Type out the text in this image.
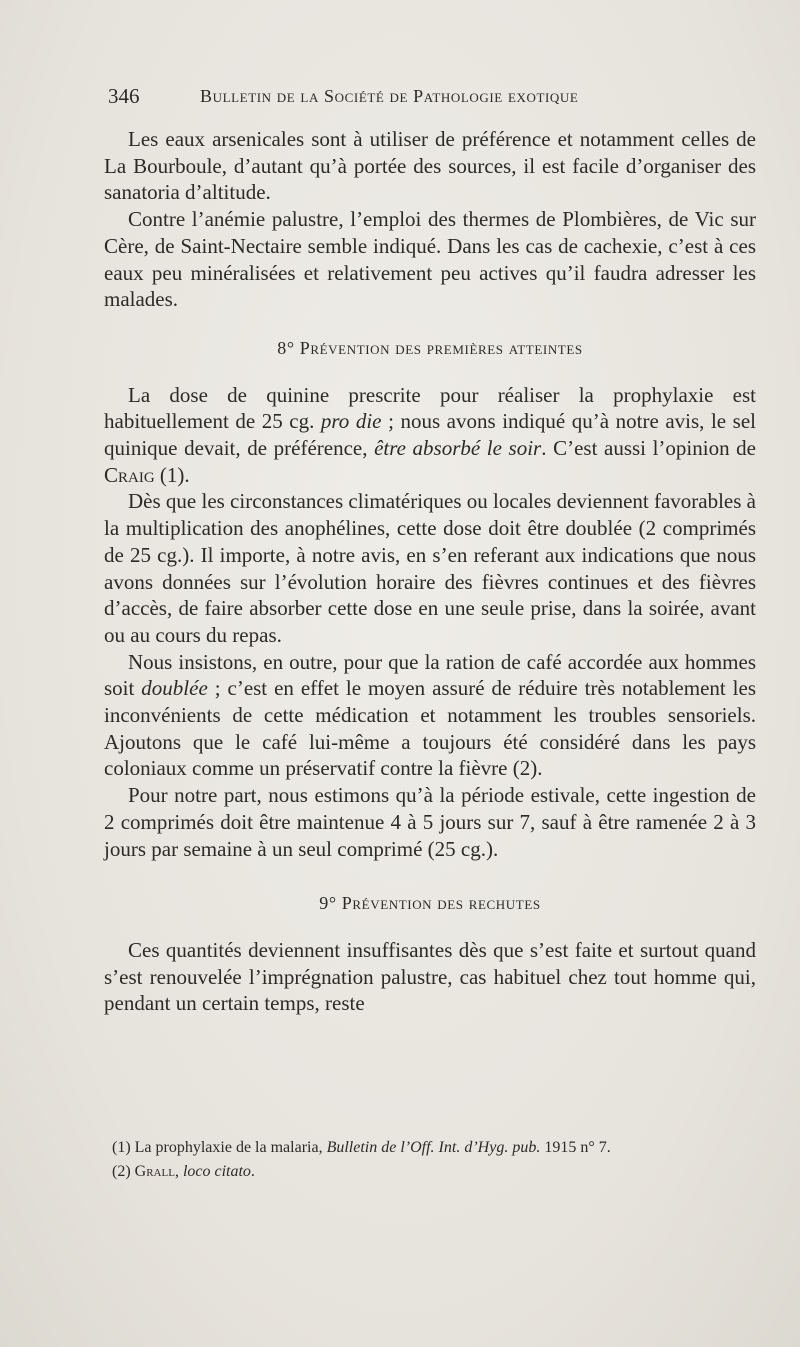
346	Bulletin de la Société de Pathologie exotique

Les eaux arsenicales sont à utiliser de préférence et notamment celles de La Bourboule, d’autant qu’à portée des sources, il est facile d’organiser des sanatoria d’altitude.

Contre l’anémie palustre, l’emploi des thermes de Plombières, de Vic sur Cère, de Saint-Nectaire semble indiqué. Dans les cas de cachexie, c’est à ces eaux peu minéralisées et relativement peu actives qu’il faudra adresser les malades.

8° Prévention des premières atteintes

La dose de quinine prescrite pour réaliser la prophylaxie est habituellement de 25 cg. pro die ; nous avons indiqué qu’à notre avis, le sel quinique devait, de préférence, être absorbé le soir. C’est aussi l’opinion de Craig (1).

Dès que les circonstances climatériques ou locales deviennent favorables à la multiplication des anophélines, cette dose doit être doublée (2 comprimés de 25 cg.). Il importe, à notre avis, en s’en referant aux indications que nous avons données sur l’évolution horaire des fièvres continues et des fièvres d’accès, de faire absorber cette dose en une seule prise, dans la soirée, avant ou au cours du repas.

Nous insistons, en outre, pour que la ration de café accordée aux hommes soit doublée ; c’est en effet le moyen assuré de réduire très notablement les inconvénients de cette médication et notamment les troubles sensoriels. Ajoutons que le café lui-même a toujours été considéré dans les pays coloniaux comme un préservatif contre la fièvre (2).

Pour notre part, nous estimons qu’à la période estivale, cette ingestion de 2 comprimés doit être maintenue 4 à 5 jours sur 7, sauf à être ramenée 2 à 3 jours par semaine à un seul comprimé (25 cg.).

9° Prévention des rechutes

Ces quantités deviennent insuffisantes dès que s’est faite et surtout quand s’est renouvelée l’imprégnation palustre, cas habituel chez tout homme qui, pendant un certain temps, reste

(1) La prophylaxie de la malaria, Bulletin de l’Off. Int. d’Hyg. pub. 1915 n° 7.

(2) Grall, loco citato.
